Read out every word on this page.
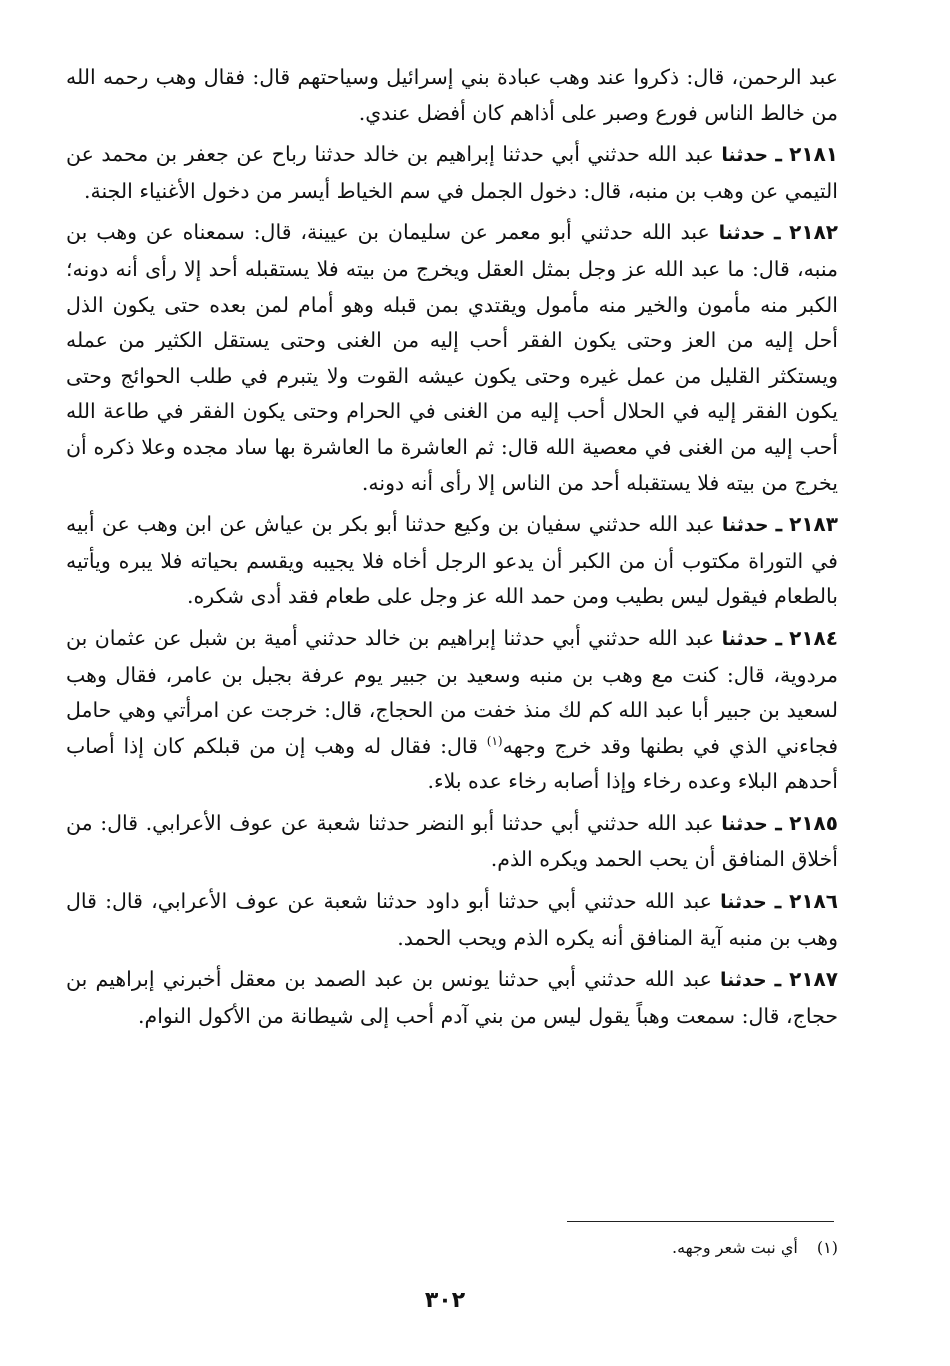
عبد الرحمن، قال: ذكروا عند وهب عبادة بني إسرائيل وسياحتهم قال: فقال وهب رحمه الله من خالط الناس فورع وصبر على أذاهم كان أفضل عندي.

٢١٨١ ـ حدثنا عبد الله حدثني أبي حدثنا إبراهيم بن خالد حدثنا رباح عن جعفر بن محمد عن التيمي عن وهب بن منبه، قال: دخول الجمل في سم الخياط أيسر من دخول الأغنياء الجنة.

٢١٨٢ ـ حدثنا عبد الله حدثني أبو معمر عن سليمان بن عيينة، قال: سمعناه عن وهب بن منبه، قال: ما عبد الله عز وجل بمثل العقل ويخرج من بيته فلا يستقبله أحد إلا رأى أنه دونه؛ الكبر منه مأمون والخير منه مأمول ويقتدي بمن قبله وهو أمام لمن بعده حتى يكون الذل أحل إليه من العز وحتى يكون الفقر أحب إليه من الغنى وحتى يستقل الكثير من عمله ويستكثر القليل من عمل غيره وحتى يكون عيشه القوت ولا يتبرم في طلب الحوائج وحتى يكون الفقر إليه في الحلال أحب إليه من الغنى في الحرام وحتى يكون الفقر في طاعة الله أحب إليه من الغنى في معصية الله قال: ثم العاشرة ما العاشرة بها ساد مجده وعلا ذكره أن يخرج من بيته فلا يستقبله أحد من الناس إلا رأى أنه دونه.

٢١٨٣ ـ حدثنا عبد الله حدثني سفيان بن وكيع حدثنا أبو بكر بن عياش عن ابن وهب عن أبيه في التوراة مكتوب أن من الكبر أن يدعو الرجل أخاه فلا يجيبه ويقسم بحياته فلا يبره ويأتيه بالطعام فيقول ليس بطيب ومن حمد الله عز وجل على طعام فقد أدى شكره.

٢١٨٤ ـ حدثنا عبد الله حدثني أبي حدثنا إبراهيم بن خالد حدثني أمية بن شبل عن عثمان بن مردوية، قال: كنت مع وهب بن منبه وسعيد بن جبير يوم عرفة بجبل بن عامر، فقال وهب لسعيد بن جبير أبا عبد الله كم لك منذ خفت من الحجاج، قال: خرجت عن امرأتي وهي حامل فجاءني الذي في بطنها وقد خرج وجهه$^{(١)}$ قال: فقال له وهب إن من قبلكم كان إذا أصاب أحدهم البلاء وعده رخاء وإذا أصابه رخاء عده بلاء.

٢١٨٥ ـ حدثنا عبد الله حدثني أبي حدثنا أبو النضر حدثنا شعبة عن عوف الأعرابي. قال: من أخلاق المنافق أن يحب الحمد ويكره الذم.

٢١٨٦ ـ حدثنا عبد الله حدثني أبي حدثنا أبو داود حدثنا شعبة عن عوف الأعرابي، قال: قال وهب بن منبه آية المنافق أنه يكره الذم ويحب الحمد.

٢١٨٧ ـ حدثنا عبد الله حدثني أبي حدثنا يونس بن عبد الصمد بن معقل أخبرني إبراهيم بن حجاج، قال: سمعت وهباً يقول ليس من بني آدم أحب إلى شيطانة من الأكول النوام.

(١) أي نبت شعر وجهه.
٣٠٢
